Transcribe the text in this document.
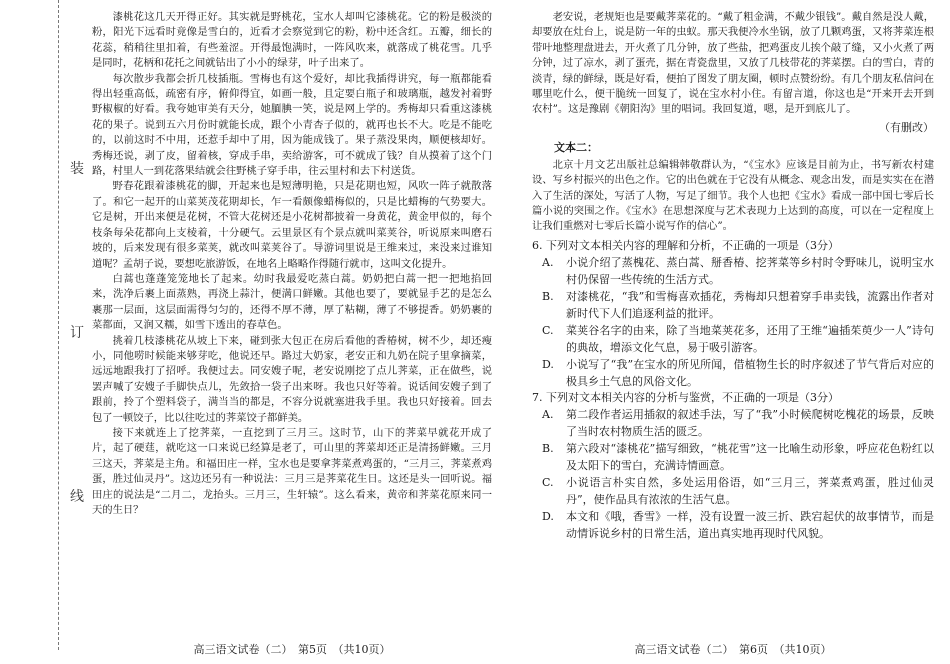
装
订
线

漆桃花这几天开得正好。其实就是野桃花，宝水人却叫它漆桃花。它的粉是极淡的粉，阳光下远看时竟像是雪白的，近看才会察觉到它的粉，粉中还含红。五瓣，细长的花蕊，稍稍往里扣着，有些羞涩。开得最饱满时，一阵风吹来，就落成了桃花雪。几乎是同时，花柄和花托之间就钻出了小小的绿芽，叶子出来了。

每次散步我都会折几枝插瓶。雪梅也有这个爱好，却比我插得讲究，每一瓶都能看得出轻重高低，疏密有序，俯仰得宜，如画一般，且定要白瓶子和玻璃瓶，越发衬着野野椒椒的好看。我夸她审美有天分，她腼腆一笑，说是网上学的。秀梅却只看重这漆桃花的果子。说到五六月份时就能长成，跟个小青杏子似的，就再也长不大。吃是不能吃的，以前这时不中用，还惹手却中了用，因为能成钱了。果子蒸没果肉，顺便核却好。秀梅还说，剥了皮，留着核，穿成手串，卖给游客，可不就成了钱？自从摸着了这个门路，村里人一到花落果结就会往野桃子穿手串，往云里村和去下村送货。

野春花跟着漆桃花的脚，开起来也是短薄明艳，只是花期也短，风吹一阵子就散落了。和它一起开的山菜荚茂花期却长，乍一看颇像蜡梅似的，只是比蜡梅的气势要大。它是树，开出来便是花树，不管大花树还是小花树都披着一身黄花，黄金甲似的，每个枝条每朵花都向上支棱着，十分硬气。云里景区有个景点就叫菜荚谷，听说原来叫磨石坡的，后来发现有很多菜荚，就改叫菜荚谷了。导游词里说是王维来过，来没来过谁知道呢？孟胡子说，要想吃旅游饭，在地名上略略作得随行就市，这叫文化提升。

白蒿也蓬蓬笼笼地长了起来。幼时我最爱吃蒸白蒿。奶奶把白蒿一把一把地掐回来，洗净后裹上面蒸熟，再浇上蒜汁，便满口鲜嫩。其他也要了，要就显手艺的是怎么裹那一层面，这层面需得匀匀的，还得不厚不薄，厚了粘糊，薄了不够提香。奶奶裹的菜都面，又润又糯，如雪下透出的春草色。

挑着几枝漆桃花从坡上下来，碰到张大包正在房后看他的香椿树，树不少，却还瘦小，同他唠时候能来够芽吃，他说还早。路过大奶家，老安正和九奶在院子里拿摘菜，远远地跟我打了招呼。我便过去。同安嫂子呢，老安说刚挖了点儿荠菜，正在做些，说罢声喊了安嫂子手脚快点儿，先敛拾一袋子出来呀。我也只好等着。说话间安嫂子到了跟前，拎了个塑料袋子，满当当的都是，不容分说就塞进我手里。我也只好接着。回去包了一顿饺子，比以往吃过的荠菜饺子都鲜美。

接下来就连上了挖荠菜，一直挖到了三月三。这时节，山下的荠菜早就花开成了片，起了硬莛，就吃这一口来说已经算是老了，可山里的荠菜却还正是清扬鲜嫩。三月三这天，荠菜是主角。和福田庄一样，宝水也是要拿荠菜煮鸡蛋的，“三月三，荠菜煮鸡蛋，胜过仙灵丹”。这边还另有一种说法：三月三是荠菜花生日。这还是头一回听说。福田庄的说法是“二月二，龙抬头。三月三，生轩辕”。这么看来，黄帝和荠菜花原来同一天的生日？

老安说，老规矩也是要戴荠菜花的。“戴了粗金满，不戴少银钱”。戴自然是没人戴，却要放在灶台上，说是防一年的虫蚁。那天我便冷水坐锅，放了几颗鸡蛋，又将荠菜连根带叶地整理盘进去，开火煮了几分钟，放了些盐，把鸡蛋皮儿挨个敲了缝，又小火煮了两分钟，过了凉水，剥了蛋壳，据在青瓷盘里，又放了几枝带花的荠菜摆。白的雪白，青的淡青，绿的鲜绿，既是好看，便拍了图发了朋友圈，顿时点赞纷纷。有几个朋友私信问在哪里吃什么，便干脆统一回复了，说在宝水村小住。有留言道，你这也是“开来开去开到农村”。这是豫剧《朝阳沟》里的唱词。我回复道，嗯，是开到底儿了。

（有删改）
文本二：

北京十月文艺出版社总编辑韩敬群认为，“《宝水》应该是目前为止，书写新农村建设、写乡村振兴的出色之作。它的出色就在于它没有从概念、观念出发，而是实实在在潜入了生活的深处，写活了人物，写足了细节。我个人也把《宝水》看成一部中国七零后长篇小说的突围之作。《宝水》在思想深度与艺术表现力上达到的高度，可以在一定程度上让我们重燃对七零后长篇小说写作的信心”。

6. 下列对文本相关内容的理解和分析，不正确的一项是（3分）

A.	小说介绍了蒸槐花、蒸白蒿、掰香椿、挖荠菜等乡村时令野味儿，说明宝水村仍保留一些传统的生活方式。
B.	对漆桃花，“我”和雪梅喜欢插花，秀梅却只想着穿手串卖钱，流露出作者对新时代下人们追逐利益的批评。
C.	菜荚谷名字的由来，除了当地菜荚花多，还用了王维“遍插茱萸少一人”诗句的典故，增添文化气息，易于吸引游客。
D.	小说写了“我”在宝水的所见所闻，借植物生长的时序叙述了节气背后对应的极具乡土气息的风俗文化。

7. 下列对文本相关内容的分析与鉴赏，不正确的一项是（3分）

A.	第二段作者运用插叙的叙述手法，写了“我”小时候爬树吃槐花的场景，反映了当时农村物质生活的匮乏。
B.	第六段对“漆桃花”描写细致，“桃花雪”这一比喻生动形象，呼应花色粉红以及太阳下的雪白，充满诗情画意。
C.	小说语言朴实自然，多处运用俗语，如“三月三，荠菜煮鸡蛋，胜过仙灵丹”，使作品具有浓浓的生活气息。
D.	本文和《哦，香雪》一样，没有设置一波三折、跌宕起伏的故事情节，而是动情诉说乡村的日常生活，道出真实地再现时代风貌。
高三语文试卷（二）　第5页　（共10页）	高三语文试卷（二）　第6页　（共10页）
